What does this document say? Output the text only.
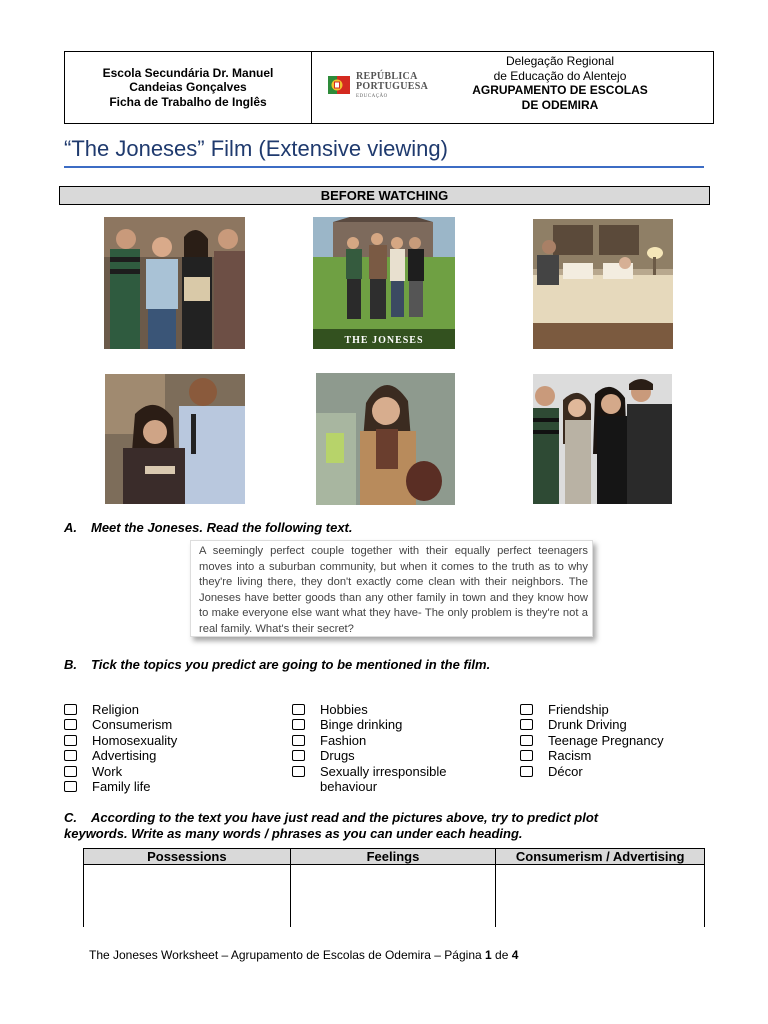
Escola Secundária Dr. Manuel
Candeias Gonçalves
Ficha de Trabalho de Inglês
REPÚBLICA
PORTUGUESA
EDUCAÇÃO
Delegação Regional
de Educação do Alentejo
AGRUPAMENTO DE ESCOLAS
DE ODEMIRA
“The Joneses” Film (Extensive viewing)
BEFORE WATCHING
THE JONESES
A. Meet the Joneses. Read the following text.
A seemingly perfect couple together with their equally perfect teenagers moves into a suburban community, but when it comes to the truth as to why they're living there, they don't exactly come clean with their neighbors. The Joneses have better goods than any other family in town and they know how to make everyone else want what they have- The only problem is they're not a real family. What's their secret?
B. Tick the topics you predict are going to be mentioned in the film.
Religion
Consumerism
Homosexuality
Advertising
Work
Family life
Hobbies
Binge drinking
Fashion
Drugs
Sexually irresponsible behaviour
Friendship
Drunk Driving
Teenage Pregnancy
Racism
Décor
C. According to the text you have just read and the pictures above, try to predict plot keywords. Write as many words / phrases as you can under each heading.
Possessions	Feelings	Consumerism / Advertising

The Joneses Worksheet – Agrupamento de Escolas de Odemira – Página 1 de 4
